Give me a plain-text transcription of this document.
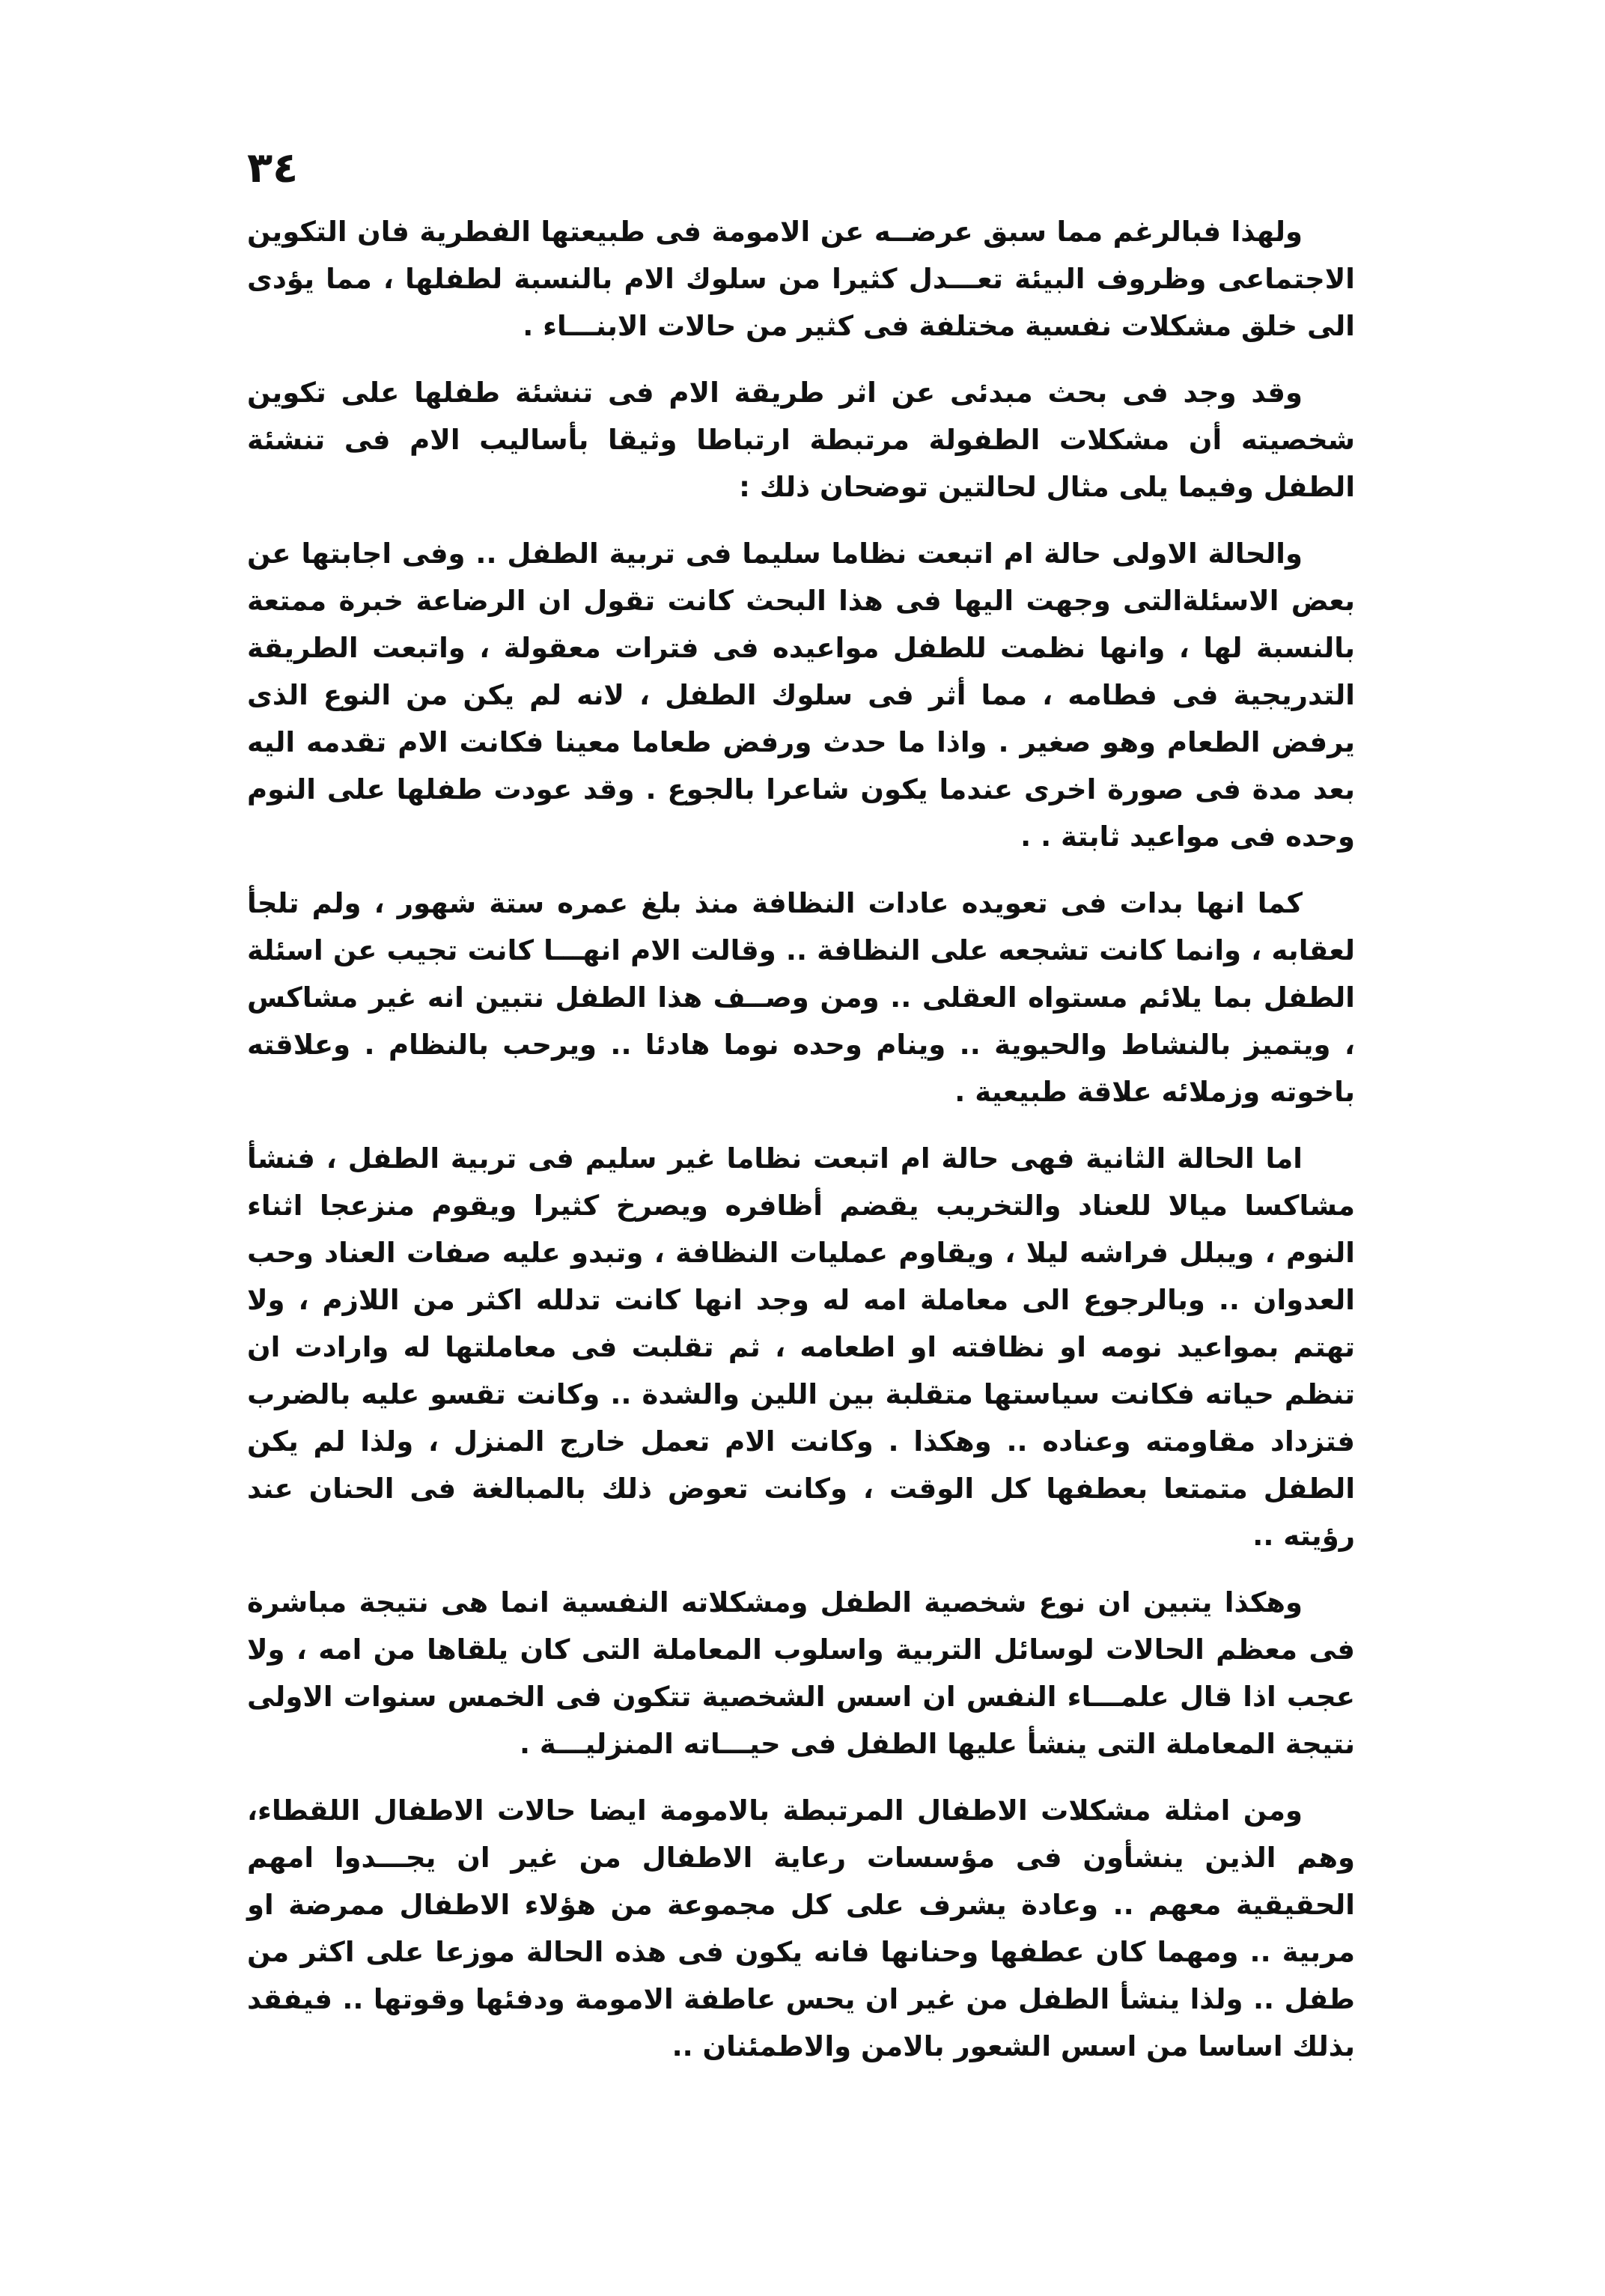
٣٤

ولهذا فبالرغم مما سبق عرضــه عن الامومة فى طبيعتها الفطرية فان التكوين الاجتماعى وظروف البيئة تعـــدل كثيرا من سلوك الام بالنسبة لطفلها ، مما يؤدى الى خلق مشكلات نفسية مختلفة فى كثير من حالات الابنـــاء .

وقد وجد فى بحث مبدئى عن اثر طريقة الام فى تنشئة طفلها على تكوين شخصيته أن مشكلات الطفولة مرتبطة ارتباطا وثيقا بأساليب الام فى تنشئة الطفل وفيما يلى مثال لحالتين توضحان ذلك :

والحالة الاولى حالة ام اتبعت نظاما سليما فى تربية الطفل .. وفى اجابتها عن بعض الاسئلةالتى وجهت اليها فى هذا البحث كانت تقول ان الرضاعة خبرة ممتعة بالنسبة لها ، وانها نظمت للطفل مواعيده فى فترات معقولة ، واتبعت الطريقة التدريجية فى فطامه ، مما أثر فى سلوك الطفل ، لانه لم يكن من النوع الذى يرفض الطعام وهو صغير . واذا ما حدث ورفض طعاما معينا فكانت الام تقدمه اليه بعد مدة فى صورة اخرى عندما يكون شاعرا بالجوع . وقد عودت طفلها على النوم وحده فى مواعيد ثابتة . .

كما انها بدات فى تعويده عادات النظافة منذ بلغ عمره ستة شهور ، ولم تلجأ لعقابه ، وانما كانت تشجعه على النظافة .. وقالت الام انهـــا كانت تجيب عن اسئلة الطفل بما يلائم مستواه العقلى .. ومن وصــف هذا الطفل نتبين انه غير مشاكس ، ويتميز بالنشاط والحيوية .. وينام وحده نوما هادئا .. ويرحب بالنظام . وعلاقته باخوته وزملائه علاقة طبيعية .

اما الحالة الثانية فهى حالة ام اتبعت نظاما غير سليم فى تربية الطفل ، فنشأ مشاكسا ميالا للعناد والتخريب يقضم أظافره ويصرخ كثيرا ويقوم منزعجا اثناء النوم ، ويبلل فراشه ليلا ، ويقاوم عمليات النظافة ، وتبدو عليه صفات العناد وحب العدوان .. وبالرجوع الى معاملة امه له وجد انها كانت تدلله اكثر من اللازم ، ولا تهتم بمواعيد نومه او نظافته او اطعامه ، ثم تقلبت فى معاملتها له وارادت ان تنظم حياته فكانت سياستها متقلبة بين اللين والشدة .. وكانت تقسو عليه بالضرب فتزداد مقاومته وعناده .. وهكذا . وكانت الام تعمل خارج المنزل ، ولذا لم يكن الطفل متمتعا بعطفها كل الوقت ، وكانت تعوض ذلك بالمبالغة فى الحنان عند رؤيته ..

وهكذا يتبين ان نوع شخصية الطفل ومشكلاته النفسية انما هى نتيجة مباشرة فى معظم الحالات لوسائل التربية واسلوب المعاملة التى كان يلقاها من امه ، ولا عجب اذا قال علمـــاء النفس ان اسس الشخصية تتكون فى الخمس سنوات الاولى نتيجة المعاملة التى ينشأ عليها الطفل فى حيـــاته المنزليـــة .

ومن امثلة مشكلات الاطفال المرتبطة بالامومة ايضا حالات الاطفال اللقطاء، وهم الذين ينشأون فى مؤسسات رعاية الاطفال من غير ان يجـــدوا امهم الحقيقية معهم .. وعادة يشرف على كل مجموعة من هؤلاء الاطفال ممرضة او مربية .. ومهما كان عطفها وحنانها فانه يكون فى هذه الحالة موزعا على اكثر من طفل .. ولذا ينشأ الطفل من غير ان يحس عاطفة الامومة ودفئها وقوتها .. فيفقد بذلك اساسا من اسس الشعور بالامن والاطمئنان ..
